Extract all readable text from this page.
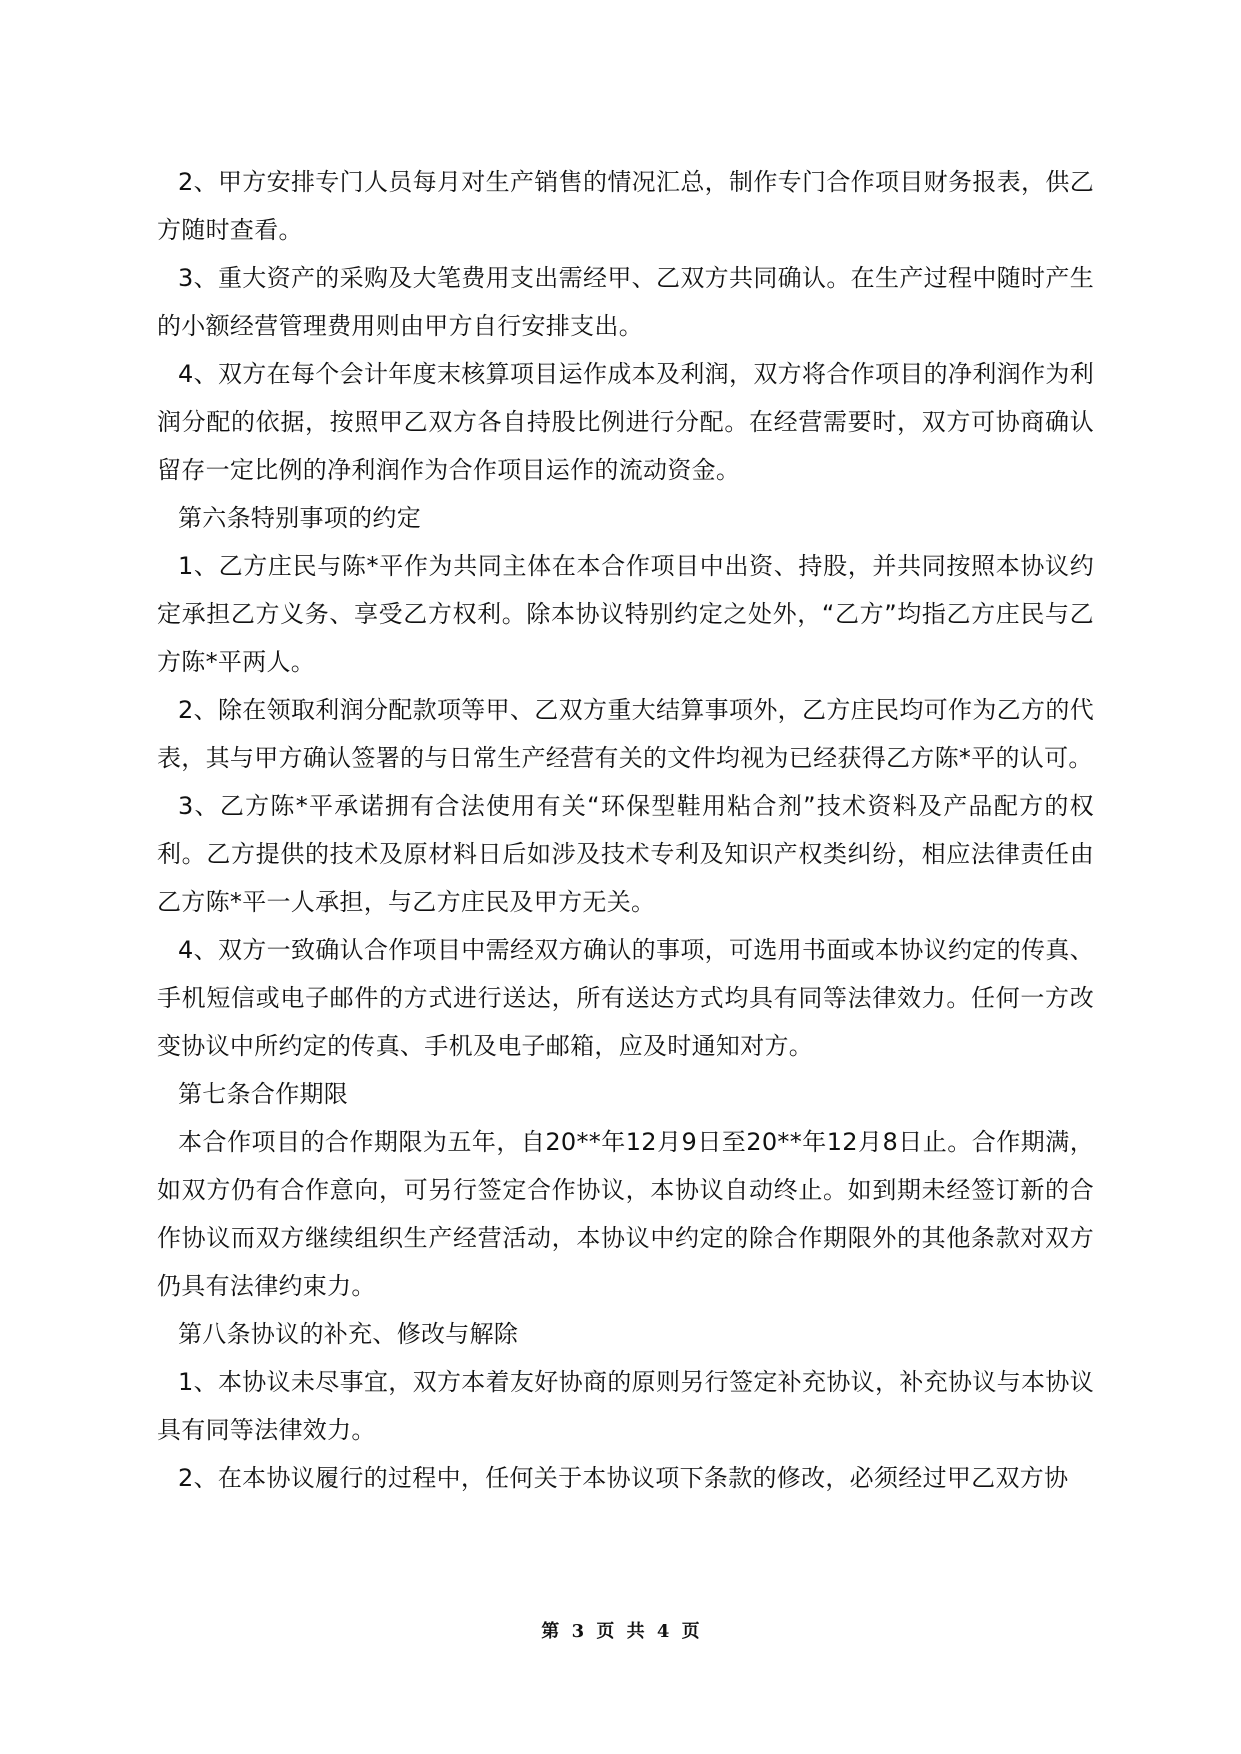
2、甲方安排专门人员每月对生产销售的情况汇总，制作专门合作项目财务报表，供乙方随时查看。

3、重大资产的采购及大笔费用支出需经甲、乙双方共同确认。在生产过程中随时产生的小额经营管理费用则由甲方自行安排支出。

4、双方在每个会计年度末核算项目运作成本及利润，双方将合作项目的净利润作为利润分配的依据，按照甲乙双方各自持股比例进行分配。在经营需要时，双方可协商确认留存一定比例的净利润作为合作项目运作的流动资金。

第六条特别事项的约定

1、乙方庄民与陈*平作为共同主体在本合作项目中出资、持股，并共同按照本协议约定承担乙方义务、享受乙方权利。除本协议特别约定之处外，“乙方”均指乙方庄民与乙方陈*平两人。

2、除在领取利润分配款项等甲、乙双方重大结算事项外，乙方庄民均可作为乙方的代表，其与甲方确认签署的与日常生产经营有关的文件均视为已经获得乙方陈*平的认可。

3、乙方陈*平承诺拥有合法使用有关“环保型鞋用粘合剂”技术资料及产品配方的权利。乙方提供的技术及原材料日后如涉及技术专利及知识产权类纠纷，相应法律责任由乙方陈*平一人承担，与乙方庄民及甲方无关。

4、双方一致确认合作项目中需经双方确认的事项，可选用书面或本协议约定的传真、手机短信或电子邮件的方式进行送达，所有送达方式均具有同等法律效力。任何一方改变协议中所约定的传真、手机及电子邮箱，应及时通知对方。

第七条合作期限

本合作项目的合作期限为五年，自20**年12月9日至20**年12月8日止。合作期满，如双方仍有合作意向，可另行签定合作协议，本协议自动终止。如到期未经签订新的合作协议而双方继续组织生产经营活动，本协议中约定的除合作期限外的其他条款对双方仍具有法律约束力。

第八条协议的补充、修改与解除

1、本协议未尽事宜，双方本着友好协商的原则另行签定补充协议，补充协议与本协议具有同等法律效力。

2、在本协议履行的过程中，任何关于本协议项下条款的修改，必须经过甲乙双方协

第 3 页 共 4 页
